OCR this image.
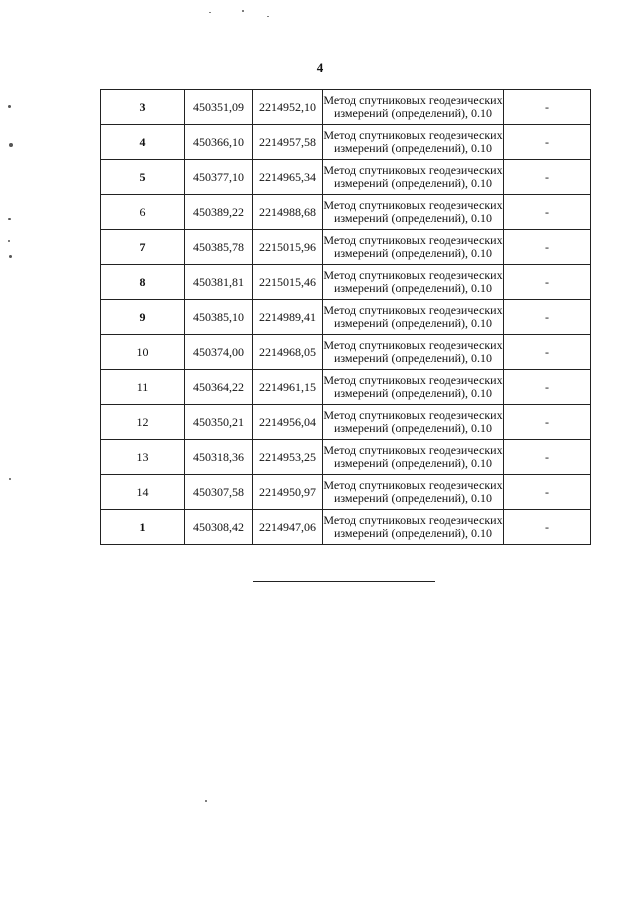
4
3	450351,09	2214952,10	Метод спутниковых геодезических измерений (определений), 0.10	-
4	450366,10	2214957,58	Метод спутниковых геодезических измерений (определений), 0.10	-
5	450377,10	2214965,34	Метод спутниковых геодезических измерений (определений), 0.10	-
6	450389,22	2214988,68	Метод спутниковых геодезических измерений (определений), 0.10	-
7	450385,78	2215015,96	Метод спутниковых геодезических измерений (определений), 0.10	-
8	450381,81	2215015,46	Метод спутниковых геодезических измерений (определений), 0.10	-
9	450385,10	2214989,41	Метод спутниковых геодезических измерений (определений), 0.10	-
10	450374,00	2214968,05	Метод спутниковых геодезических измерений (определений), 0.10	-
11	450364,22	2214961,15	Метод спутниковых геодезических измерений (определений), 0.10	-
12	450350,21	2214956,04	Метод спутниковых геодезических измерений (определений), 0.10	-
13	450318,36	2214953,25	Метод спутниковых геодезических измерений (определений), 0.10	-
14	450307,58	2214950,97	Метод спутниковых геодезических измерений (определений), 0.10	-
1	450308,42	2214947,06	Метод спутниковых геодезических измерений (определений), 0.10	-
